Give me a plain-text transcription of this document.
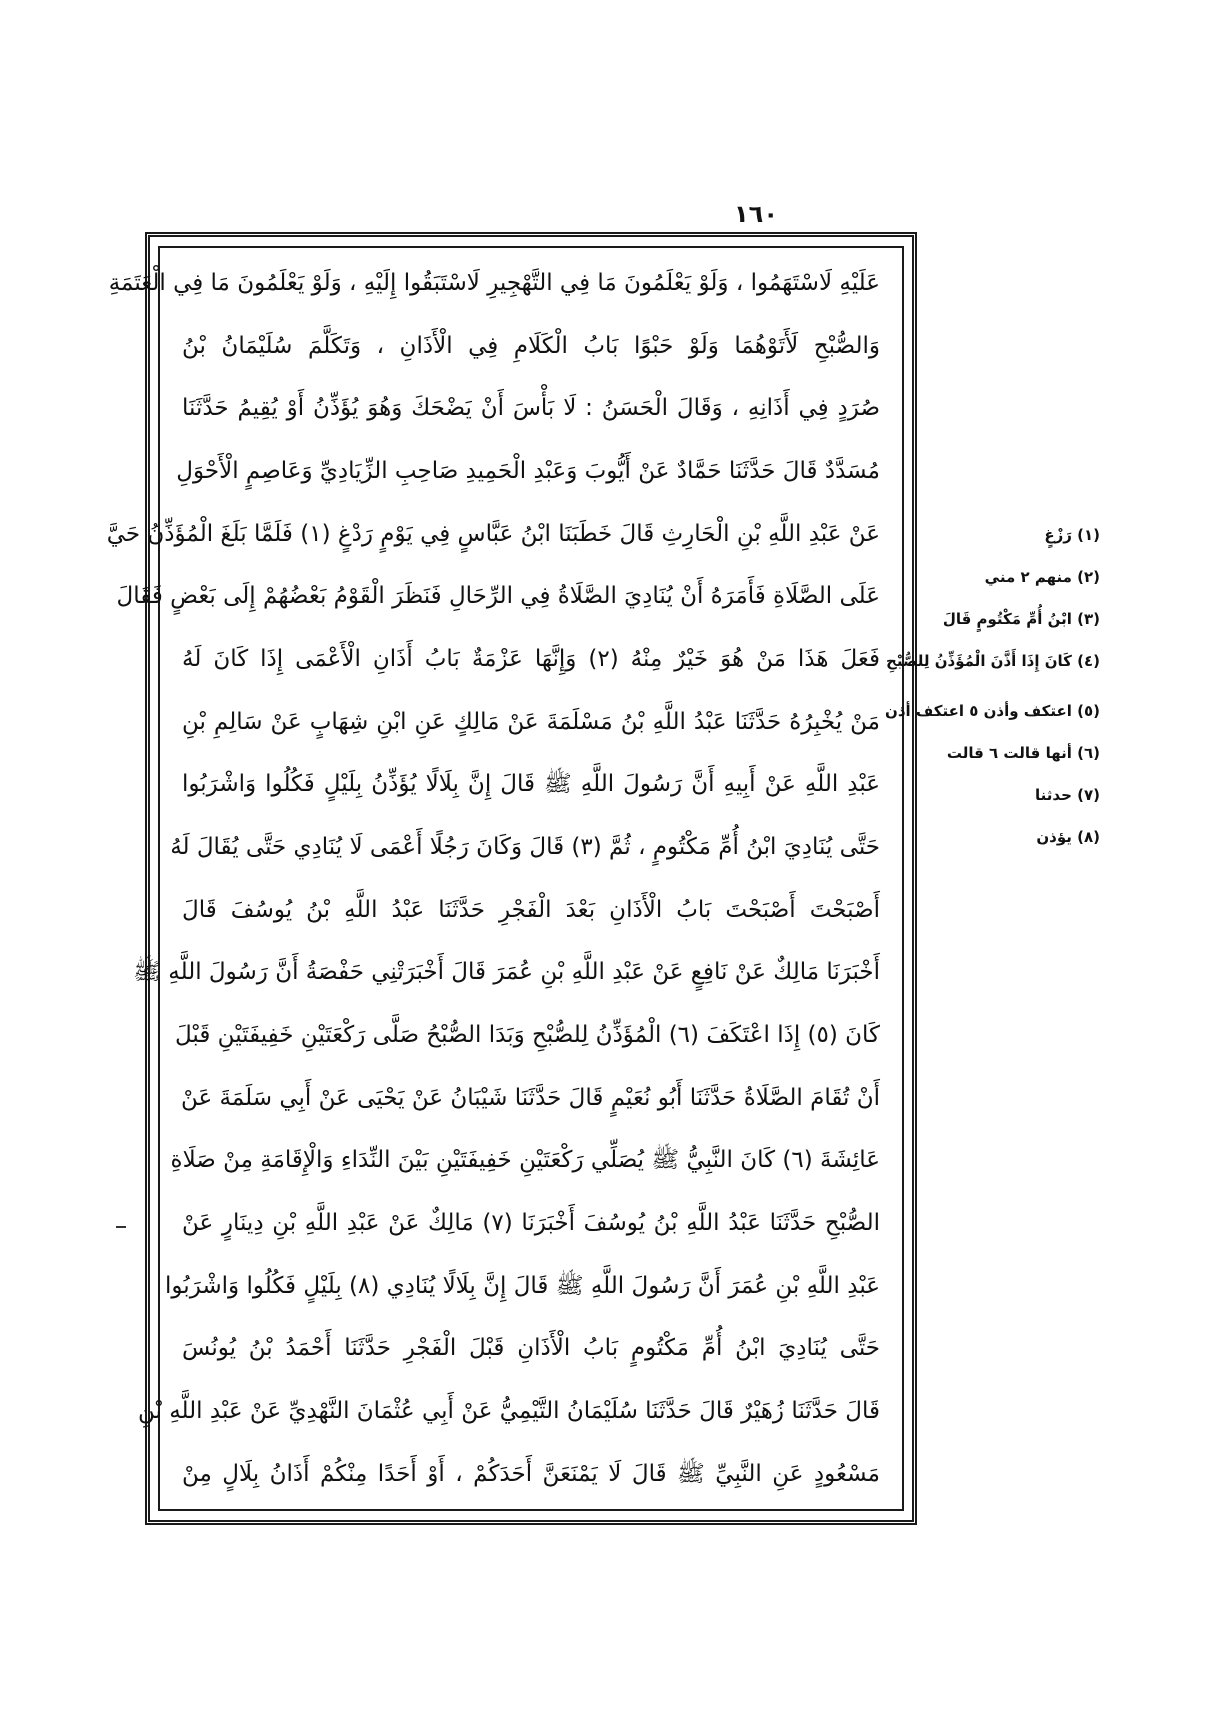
١٦٠
عَلَيْهِ لَاسْتَهَمُوا ، وَلَوْ يَعْلَمُونَ مَا فِي التَّهْجِيرِ لَاسْتَبَقُوا إِلَيْهِ ، وَلَوْ يَعْلَمُونَ مَا فِي الْعَتَمَةِ
وَالصُّبْحِ لَأَتَوْهُمَا وَلَوْ حَبْوًا بَابُ الْكَلَامِ فِي الْأَذَانِ ، وَتَكَلَّمَ سُلَيْمَانُ بْنُ
صُرَدٍ فِي أَذَانِهِ ، وَقَالَ الْحَسَنُ : لَا بَأْسَ أَنْ يَضْحَكَ وَهُوَ يُؤَذِّنُ أَوْ يُقِيمُ حَدَّثَنَا
مُسَدَّدٌ قَالَ حَدَّثَنَا حَمَّادٌ عَنْ أَيُّوبَ وَعَبْدِ الْحَمِيدِ صَاحِبِ الزِّيَادِيِّ وَعَاصِمٍ الْأَحْوَلِ
عَنْ عَبْدِ اللَّهِ بْنِ الْحَارِثِ قَالَ خَطَبَنَا ابْنُ عَبَّاسٍ فِي يَوْمٍ رَدْغٍ (١) فَلَمَّا بَلَغَ الْمُؤَذِّنُ حَيَّ
عَلَى الصَّلَاةِ فَأَمَرَهُ أَنْ يُنَادِيَ الصَّلَاةُ فِي الرِّحَالِ فَنَظَرَ الْقَوْمُ بَعْضُهُمْ إِلَى بَعْضٍ فَقَالَ
فَعَلَ هَذَا مَنْ هُوَ خَيْرٌ مِنْهُ (٢) وَإِنَّهَا عَزْمَةٌ بَابُ أَذَانِ الْأَعْمَى إِذَا كَانَ لَهُ
مَنْ يُخْبِرُهُ حَدَّثَنَا عَبْدُ اللَّهِ بْنُ مَسْلَمَةَ عَنْ مَالِكٍ عَنِ ابْنِ شِهَابٍ عَنْ سَالِمِ بْنِ
عَبْدِ اللَّهِ عَنْ أَبِيهِ أَنَّ رَسُولَ اللَّهِ ﷺ قَالَ إِنَّ بِلَالًا يُؤَذِّنُ بِلَيْلٍ فَكُلُوا وَاشْرَبُوا
حَتَّى يُنَادِيَ ابْنُ أُمِّ مَكْتُومٍ ، ثُمَّ (٣) قَالَ وَكَانَ رَجُلًا أَعْمَى لَا يُنَادِي حَتَّى يُقَالَ لَهُ
أَصْبَحْتَ أَصْبَحْتَ بَابُ الْأَذَانِ بَعْدَ الْفَجْرِ حَدَّثَنَا عَبْدُ اللَّهِ بْنُ يُوسُفَ قَالَ
أَخْبَرَنَا مَالِكٌ عَنْ نَافِعٍ عَنْ عَبْدِ اللَّهِ بْنِ عُمَرَ قَالَ أَخْبَرَتْنِي حَفْصَةُ أَنَّ رَسُولَ اللَّهِ ﷺ
كَانَ (٥) إِذَا اعْتَكَفَ (٦) الْمُؤَذِّنُ لِلصُّبْحِ وَبَدَا الصُّبْحُ صَلَّى رَكْعَتَيْنِ خَفِيفَتَيْنِ قَبْلَ
أَنْ تُقَامَ الصَّلَاةُ حَدَّثَنَا أَبُو نُعَيْمٍ قَالَ حَدَّثَنَا شَيْبَانُ عَنْ يَحْيَى عَنْ أَبِي سَلَمَةَ عَنْ
عَائِشَةَ (٦) كَانَ النَّبِيُّ ﷺ يُصَلِّي رَكْعَتَيْنِ خَفِيفَتَيْنِ بَيْنَ النِّدَاءِ وَالْإِقَامَةِ مِنْ صَلَاةِ
الصُّبْحِ حَدَّثَنَا عَبْدُ اللَّهِ بْنُ يُوسُفَ أَخْبَرَنَا (٧) مَالِكٌ عَنْ عَبْدِ اللَّهِ بْنِ دِينَارٍ عَنْ
عَبْدِ اللَّهِ بْنِ عُمَرَ أَنَّ رَسُولَ اللَّهِ ﷺ قَالَ إِنَّ بِلَالًا يُنَادِي (٨) بِلَيْلٍ فَكُلُوا وَاشْرَبُوا
حَتَّى يُنَادِيَ ابْنُ أُمِّ مَكْتُومٍ بَابُ الْأَذَانِ قَبْلَ الْفَجْرِ حَدَّثَنَا أَحْمَدُ بْنُ يُونُسَ
قَالَ حَدَّثَنَا زُهَيْرٌ قَالَ حَدَّثَنَا سُلَيْمَانُ التَّيْمِيُّ عَنْ أَبِي عُثْمَانَ النَّهْدِيِّ عَنْ عَبْدِ اللَّهِ بْنِ
مَسْعُودٍ عَنِ النَّبِيِّ ﷺ قَالَ لَا يَمْنَعَنَّ أَحَدَكُمْ ، أَوْ أَحَدًا مِنْكُمْ أَذَانُ بِلَالٍ مِنْ
(١) رَزْغٍ
(٢) منهم ٢ مني
(٣) ابْنُ أُمِّ مَكْتُومٍ قَالَ
(٤) كَانَ إِذَا أَذَّنَ الْمُؤَذِّنُ لِلصُّبْحِ
(٥) اعتكف وأذن ٥ اعتكف أذن
(٦) أنها قالت ٦ قالت
(٧) حدثنا
(٨) يؤذن
